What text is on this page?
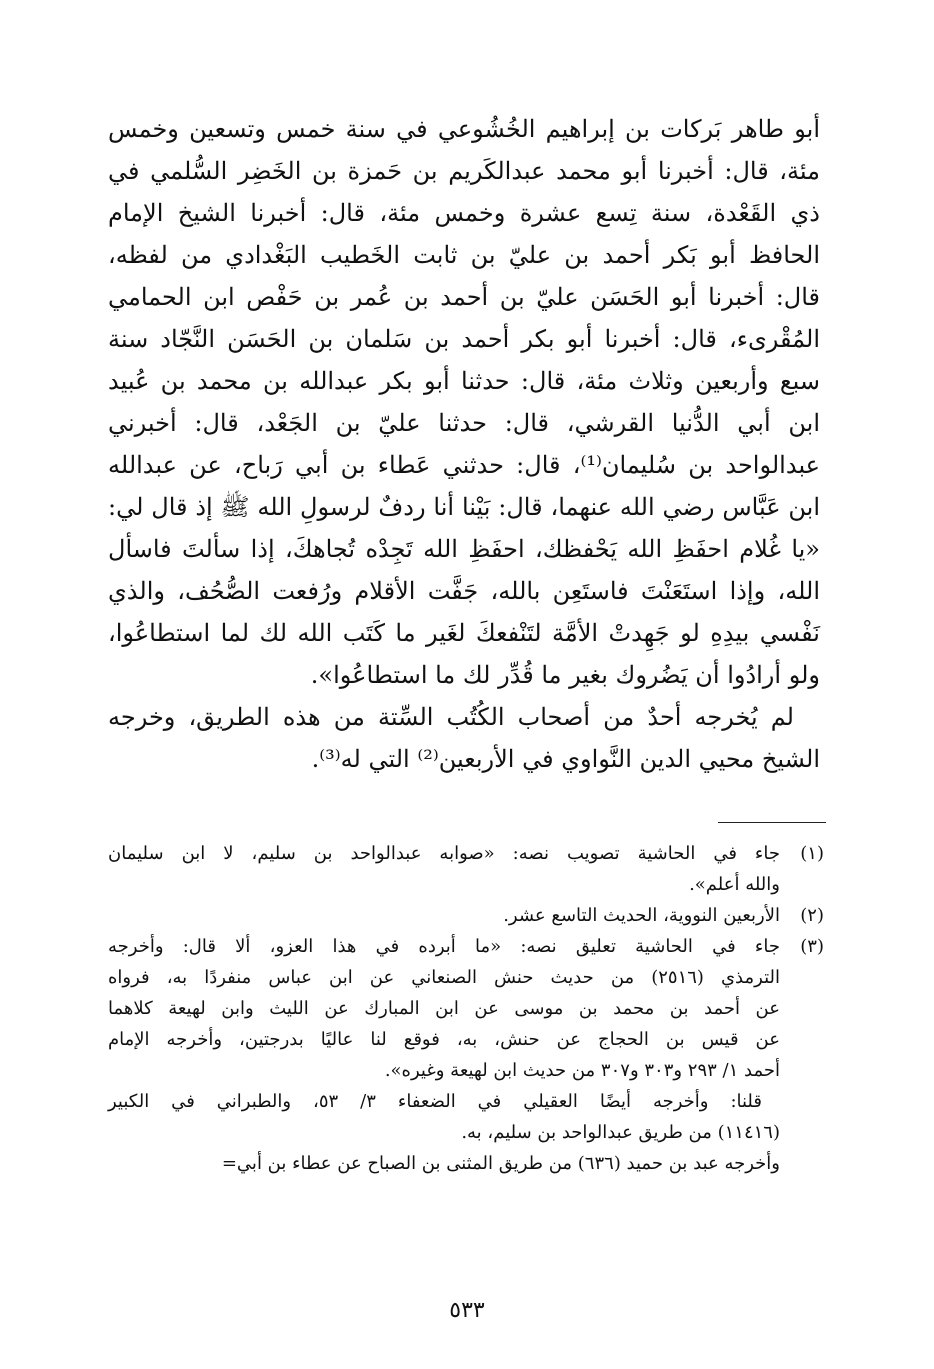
أبو طاهر بَركات بن إبراهيم الخُشُوعي في سنة خمس وتسعين وخمس
مئة، قال: أخبرنا أبو محمد عبدالكَريم بن حَمزة بن الخَضِر السُّلمي في
ذي القَعْدة، سنة تِسع عشرة وخمس مئة، قال: أخبرنا الشيخ الإمام
الحافظ أبو بَكر أحمد بن عليّ بن ثابت الخَطيب البَغْدادي من لفظه،
قال: أخبرنا أبو الحَسَن عليّ بن أحمد بن عُمر بن حَفْص ابن الحمامي
المُقْرىء، قال: أخبرنا أبو بكر أحمد بن سَلمان بن الحَسَن النَّجّاد سنة
سبع وأربعين وثلاث مئة، قال: حدثنا أبو بكر عبدالله بن محمد بن عُبيد
ابن أبي الدُّنيا القرشي، قال: حدثنا عليّ بن الجَعْد، قال: أخبرني
عبدالواحد بن سُليمان⁽¹⁾، قال: حدثني عَطاء بن أبي رَباح، عن عبدالله
ابن عَبَّاس رضي الله عنهما، قال: بَيْنا أنا ردفٌ لرسولِ الله ﷺ إذ قال لي:
«يا غُلام احفَظِ الله يَحْفظك، احفَظِ الله تَجِدْه تُجاهكَ، إذا سألتَ فاسأل
الله، وإذا استَعَنْتَ فاستَعِن بالله، جَفَّت الأقلام ورُفعت الصُّحُف، والذي
نَفْسي بيدِهِ لو جَهِدتْ الأمَّة لتَنْفعكَ لغَير ما كَتَب الله لك لما استطاعُوا،
ولو أرادُوا أن يَضُروك بغير ما قُدِّر لك ما استطاعُوا».

لم يُخرجه أحدٌ من أصحاب الكُتُب السِّتة من هذه الطريق، وخرجه
الشيخ محيي الدين النَّواوي في الأربعين⁽²⁾ التي له⁽³⁾.

(١)
جاء في الحاشية تصويب نصه: «صوابه عبدالواحد بن سليم، لا ابن سليمان
والله أعلم».
(٢)
الأربعين النووية، الحديث التاسع عشر.
(٣)
جاء في الحاشية تعليق نصه: «ما أبرده في هذا العزو، ألا قال: وأخرجه
الترمذي (٢٥١٦) من حديث حنش الصنعاني عن ابن عباس منفردًا به، فرواه
عن أحمد بن محمد بن موسى عن ابن المبارك عن الليث وابن لهيعة كلاهما
عن قيس بن الحجاج عن حنش، به، فوقع لنا عاليًا بدرجتين، وأخرجه الإمام
أحمد ١/ ٢٩٣ و٣٠٣ و٣٠٧ من حديث ابن لهيعة وغيره».
قلنا: وأخرجه أيضًا العقيلي في الضعفاء ٣/ ٥٣، والطبراني في الكبير
(١١٤١٦) من طريق عبدالواحد بن سليم، به.
وأخرجه عبد بن حميد (٦٣٦) من طريق المثنى بن الصباح عن عطاء بن أبي=
٥٣٣
